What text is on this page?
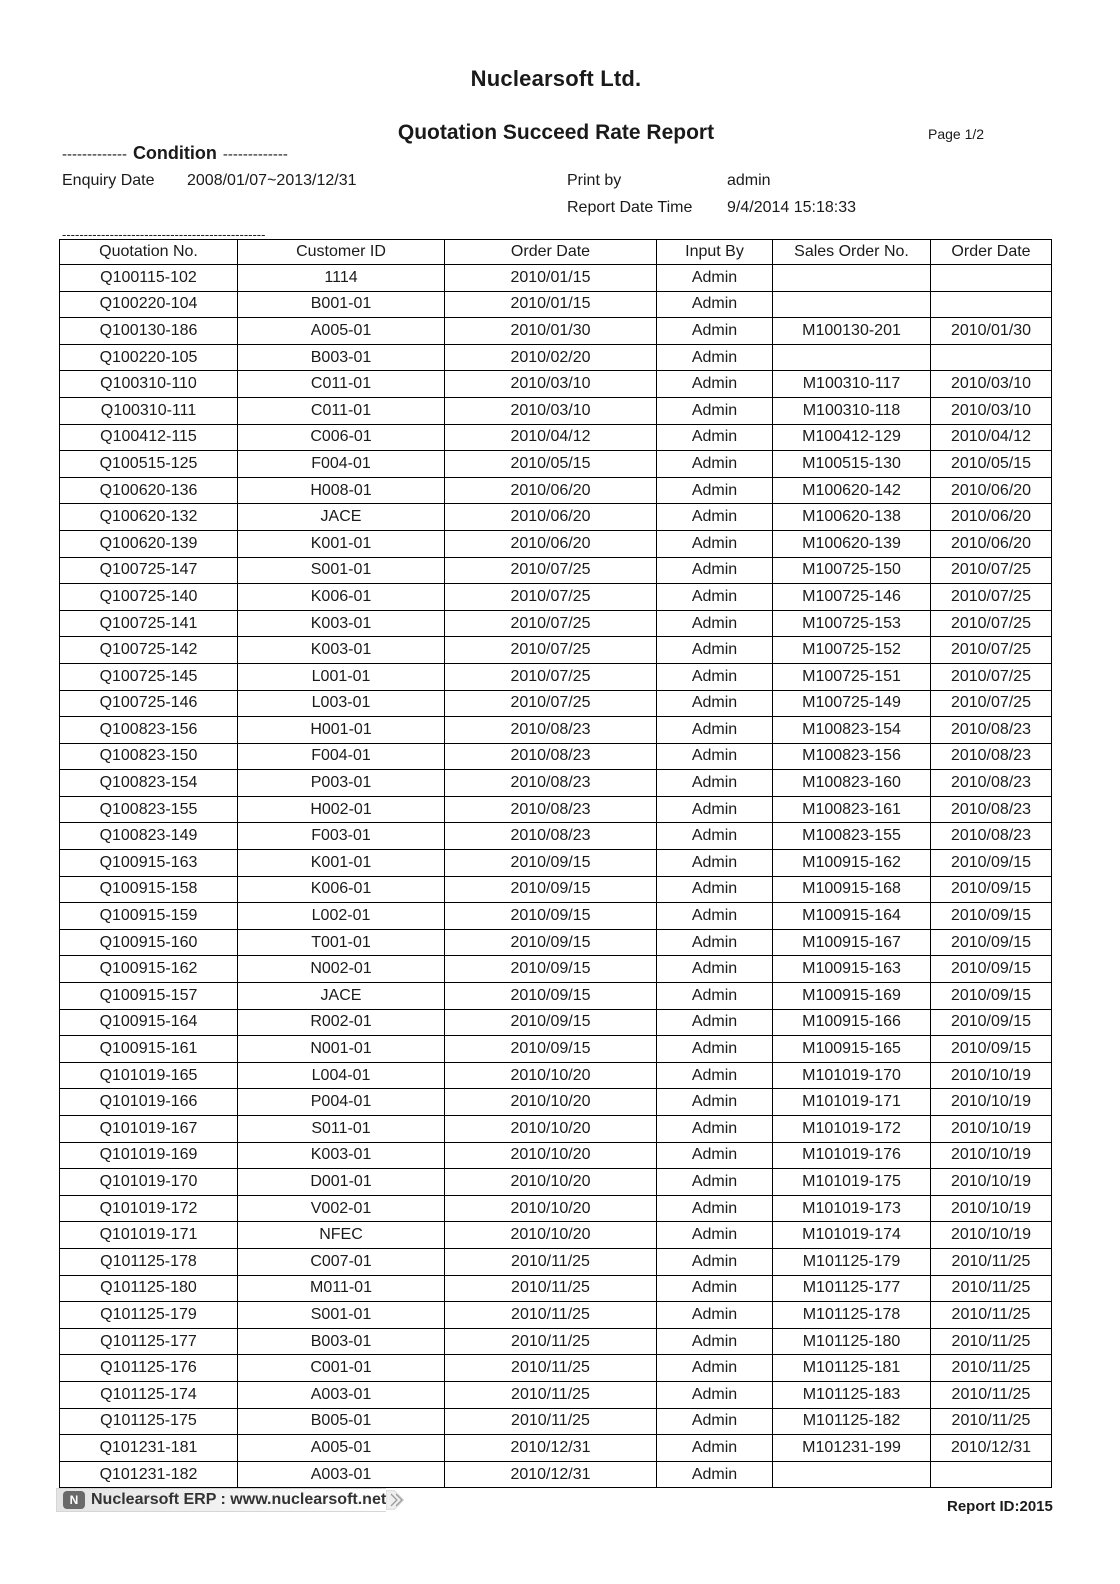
Nuclearsoft Ltd.
Quotation Succeed Rate Report	Page 1/2
------------- Condition -------------
Enquiry Date 2008/01/07~2013/12/31	Print by	admin
Report Date Time 9/4/2014 15:18:33
-----------------------------------------------
Quotation No.	Customer ID	Order Date	Input By	Sales Order No.	Order Date
Q100115-102	1114	2010/01/15	Admin		
Q100220-104	B001-01	2010/01/15	Admin		
Q100130-186	A005-01	2010/01/30	Admin	M100130-201	2010/01/30
Q100220-105	B003-01	2010/02/20	Admin		
Q100310-110	C011-01	2010/03/10	Admin	M100310-117	2010/03/10
Q100310-111	C011-01	2010/03/10	Admin	M100310-118	2010/03/10
Q100412-115	C006-01	2010/04/12	Admin	M100412-129	2010/04/12
Q100515-125	F004-01	2010/05/15	Admin	M100515-130	2010/05/15
Q100620-136	H008-01	2010/06/20	Admin	M100620-142	2010/06/20
Q100620-132	JACE	2010/06/20	Admin	M100620-138	2010/06/20
Q100620-139	K001-01	2010/06/20	Admin	M100620-139	2010/06/20
Q100725-147	S001-01	2010/07/25	Admin	M100725-150	2010/07/25
Q100725-140	K006-01	2010/07/25	Admin	M100725-146	2010/07/25
Q100725-141	K003-01	2010/07/25	Admin	M100725-153	2010/07/25
Q100725-142	K003-01	2010/07/25	Admin	M100725-152	2010/07/25
Q100725-145	L001-01	2010/07/25	Admin	M100725-151	2010/07/25
Q100725-146	L003-01	2010/07/25	Admin	M100725-149	2010/07/25
Q100823-156	H001-01	2010/08/23	Admin	M100823-154	2010/08/23
Q100823-150	F004-01	2010/08/23	Admin	M100823-156	2010/08/23
Q100823-154	P003-01	2010/08/23	Admin	M100823-160	2010/08/23
Q100823-155	H002-01	2010/08/23	Admin	M100823-161	2010/08/23
Q100823-149	F003-01	2010/08/23	Admin	M100823-155	2010/08/23
Q100915-163	K001-01	2010/09/15	Admin	M100915-162	2010/09/15
Q100915-158	K006-01	2010/09/15	Admin	M100915-168	2010/09/15
Q100915-159	L002-01	2010/09/15	Admin	M100915-164	2010/09/15
Q100915-160	T001-01	2010/09/15	Admin	M100915-167	2010/09/15
Q100915-162	N002-01	2010/09/15	Admin	M100915-163	2010/09/15
Q100915-157	JACE	2010/09/15	Admin	M100915-169	2010/09/15
Q100915-164	R002-01	2010/09/15	Admin	M100915-166	2010/09/15
Q100915-161	N001-01	2010/09/15	Admin	M100915-165	2010/09/15
Q101019-165	L004-01	2010/10/20	Admin	M101019-170	2010/10/19
Q101019-166	P004-01	2010/10/20	Admin	M101019-171	2010/10/19
Q101019-167	S011-01	2010/10/20	Admin	M101019-172	2010/10/19
Q101019-169	K003-01	2010/10/20	Admin	M101019-176	2010/10/19
Q101019-170	D001-01	2010/10/20	Admin	M101019-175	2010/10/19
Q101019-172	V002-01	2010/10/20	Admin	M101019-173	2010/10/19
Q101019-171	NFEC	2010/10/20	Admin	M101019-174	2010/10/19
Q101125-178	C007-01	2010/11/25	Admin	M101125-179	2010/11/25
Q101125-180	M011-01	2010/11/25	Admin	M101125-177	2010/11/25
Q101125-179	S001-01	2010/11/25	Admin	M101125-178	2010/11/25
Q101125-177	B003-01	2010/11/25	Admin	M101125-180	2010/11/25
Q101125-176	C001-01	2010/11/25	Admin	M101125-181	2010/11/25
Q101125-174	A003-01	2010/11/25	Admin	M101125-183	2010/11/25
Q101125-175	B005-01	2010/11/25	Admin	M101125-182	2010/11/25
Q101231-181	A005-01	2010/12/31	Admin	M101231-199	2010/12/31
Q101231-182	A003-01	2010/12/31	Admin		
N Nuclearsoft ERP : www.nuclearsoft.net	Report ID:2015
